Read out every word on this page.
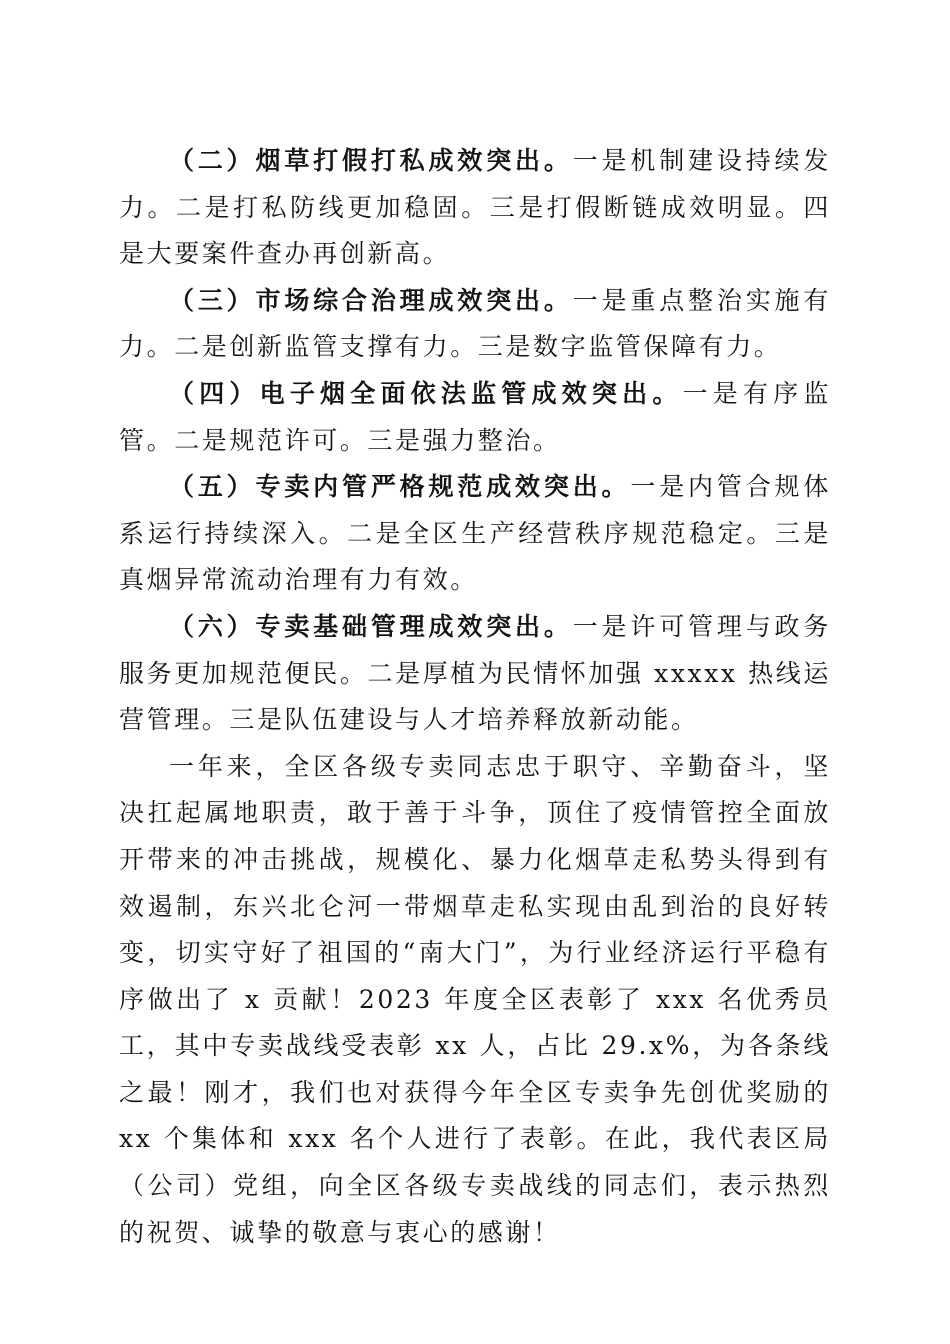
（二）烟草打假打私成效突出。一是机制建设持续发力。二是打私防线更加稳固。三是打假断链成效明显。四是大要案件查办再创新高。

（三）市场综合治理成效突出。一是重点整治实施有力。二是创新监管支撑有力。三是数字监管保障有力。

（四）电子烟全面依法监管成效突出。一是有序监管。二是规范许可。三是强力整治。

（五）专卖内管严格规范成效突出。一是内管合规体系运行持续深入。二是全区生产经营秩序规范稳定。三是真烟异常流动治理有力有效。

（六）专卖基础管理成效突出。一是许可管理与政务服务更加规范便民。二是厚植为民情怀加强 xxxxx 热线运营管理。三是队伍建设与人才培养释放新动能。

一年来，全区各级专卖同志忠于职守、辛勤奋斗，坚决扛起属地职责，敢于善于斗争，顶住了疫情管控全面放开带来的冲击挑战，规模化、暴力化烟草走私势头得到有效遏制，东兴北仑河一带烟草走私实现由乱到治的良好转变，切实守好了祖国的“南大门”，为行业经济运行平稳有序做出了 x 贡献！2023 年度全区表彰了 xxx 名优秀员工，其中专卖战线受表彰 xx 人，占比 29.x%，为各条线之最！刚才，我们也对获得今年全区专卖争先创优奖励的 xx 个集体和 xxx 名个人进行了表彰。在此，我代表区局（公司）党组，向全区各级专卖战线的同志们，表示热烈的祝贺、诚挚的敬意与衷心的感谢！
